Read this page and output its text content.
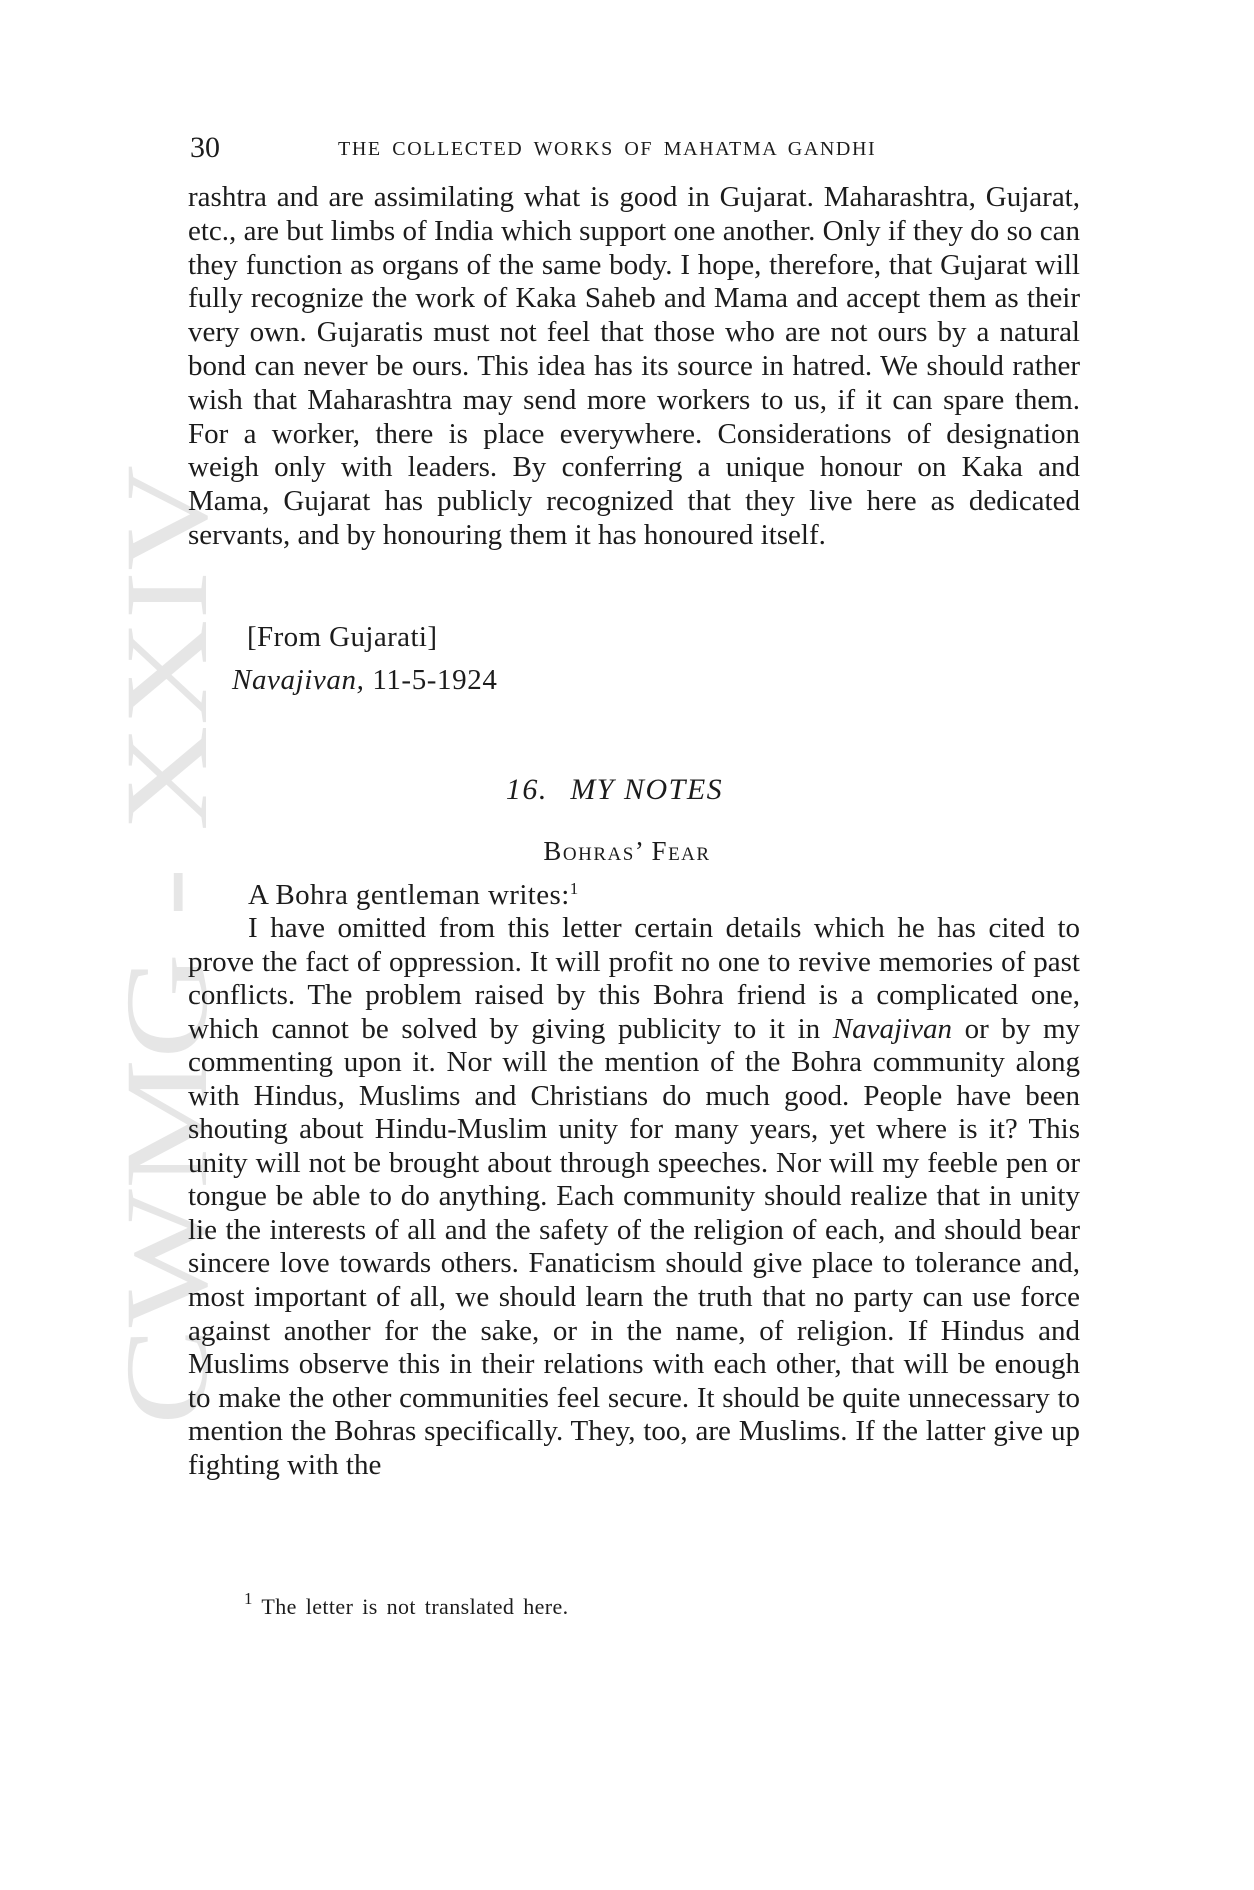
CWMG - XXIV
30	THE COLLECTED WORKS OF MAHATMA GANDHI

rashtra and are assimilating what is good in Gujarat. Maharashtra, Gujarat, etc., are but limbs of India which support one another. Only if they do so can they function as organs of the same body. I hope, therefore, that Gujarat will fully recognize the work of Kaka Saheb and Mama and accept them as their very own. Gujaratis must not feel that those who are not ours by a natural bond can never be ours. This idea has its source in hatred. We should rather wish that Maharashtra may send more workers to us, if it can spare them. For a worker, there is place everywhere. Considerations of designation weigh only with leaders. By conferring a unique honour on Kaka and Mama, Gujarat has publicly recognized that they live here as dedicated servants, and by honouring them it has honoured itself.

[From Gujarati]
Navajivan, 11-5-1924
16. MY NOTES
Bohras’ Fear
A Bohra gentleman writes:$^1$

I have omitted from this letter certain details which he has cited to prove the fact of oppression. It will profit no one to revive memories of past conflicts. The problem raised by this Bohra friend is a complicated one, which cannot be solved by giving publicity to it in Navajivan or by my commenting upon it. Nor will the mention of the Bohra community along with Hindus, Muslims and Christians do much good. People have been shouting about Hindu-Muslim unity for many years, yet where is it? This unity will not be brought about through speeches. Nor will my feeble pen or tongue be able to do anything. Each community should realize that in unity lie the interests of all and the safety of the religion of each, and should bear sincere love towards others. Fanaticism should give place to tolerance and, most important of all, we should learn the truth that no party can use force against another for the sake, or in the name, of religion. If Hindus and Muslims observe this in their relations with each other, that will be enough to make the other communities feel secure. It should be quite unnecessary to mention the Bohras specifically. They, too, are Muslims. If the latter give up fighting with the

$^1$ The letter is not translated here.
